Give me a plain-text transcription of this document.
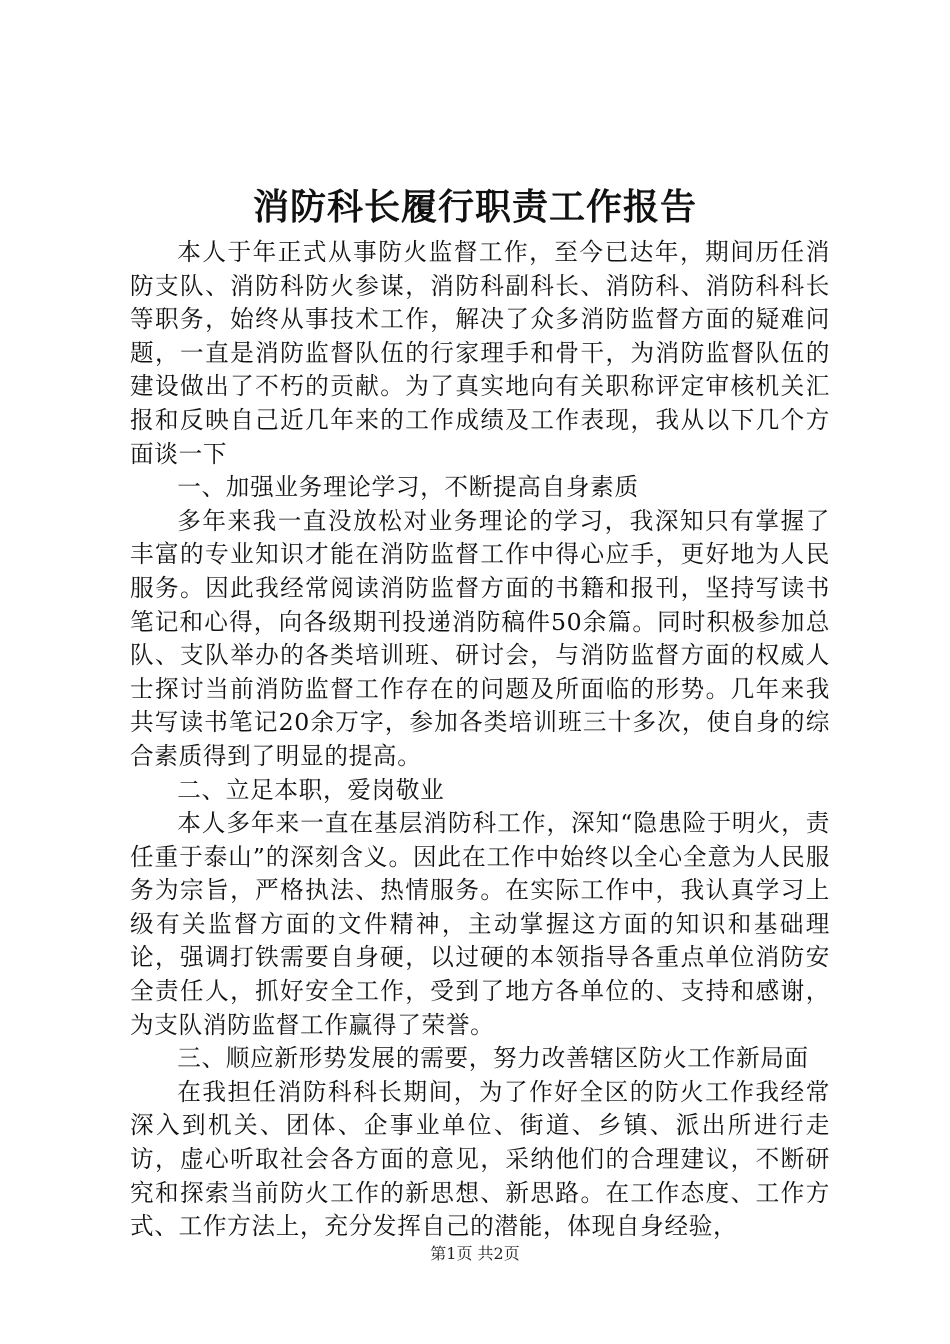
消防科长履行职责工作报告

本人于年正式从事防火监督工作，至今已达年，期间历任消防支队、消防科防火参谋，消防科副科长、消防科、消防科科长等职务，始终从事技术工作，解决了众多消防监督方面的疑难问题，一直是消防监督队伍的行家理手和骨干，为消防监督队伍的建设做出了不朽的贡献。为了真实地向有关职称评定审核机关汇报和反映自己近几年来的工作成绩及工作表现，我从以下几个方面谈一下

一、加强业务理论学习，不断提高自身素质

多年来我一直没放松对业务理论的学习，我深知只有掌握了丰富的专业知识才能在消防监督工作中得心应手，更好地为人民服务。因此我经常阅读消防监督方面的书籍和报刊，坚持写读书笔记和心得，向各级期刊投递消防稿件50余篇。同时积极参加总队、支队举办的各类培训班、研讨会，与消防监督方面的权威人士探讨当前消防监督工作存在的问题及所面临的形势。几年来我共写读书笔记20余万字，参加各类培训班三十多次，使自身的综合素质得到了明显的提高。

二、立足本职，爱岗敬业

本人多年来一直在基层消防科工作，深知“隐患险于明火，责任重于泰山”的深刻含义。因此在工作中始终以全心全意为人民服务为宗旨，严格执法、热情服务。在实际工作中，我认真学习上级有关监督方面的文件精神，主动掌握这方面的知识和基础理论，强调打铁需要自身硬，以过硬的本领指导各重点单位消防安全责任人，抓好安全工作，受到了地方各单位的、支持和感谢，为支队消防监督工作赢得了荣誉。

三、顺应新形势发展的需要，努力改善辖区防火工作新局面

在我担任消防科科长期间，为了作好全区的防火工作我经常深入到机关、团体、企事业单位、街道、乡镇、派出所进行走访，虚心听取社会各方面的意见，采纳他们的合理建议，不断研究和探索当前防火工作的新思想、新思路。在工作态度、工作方式、工作方法上，充分发挥自己的潜能，体现自身经验，

第1页 共2页
